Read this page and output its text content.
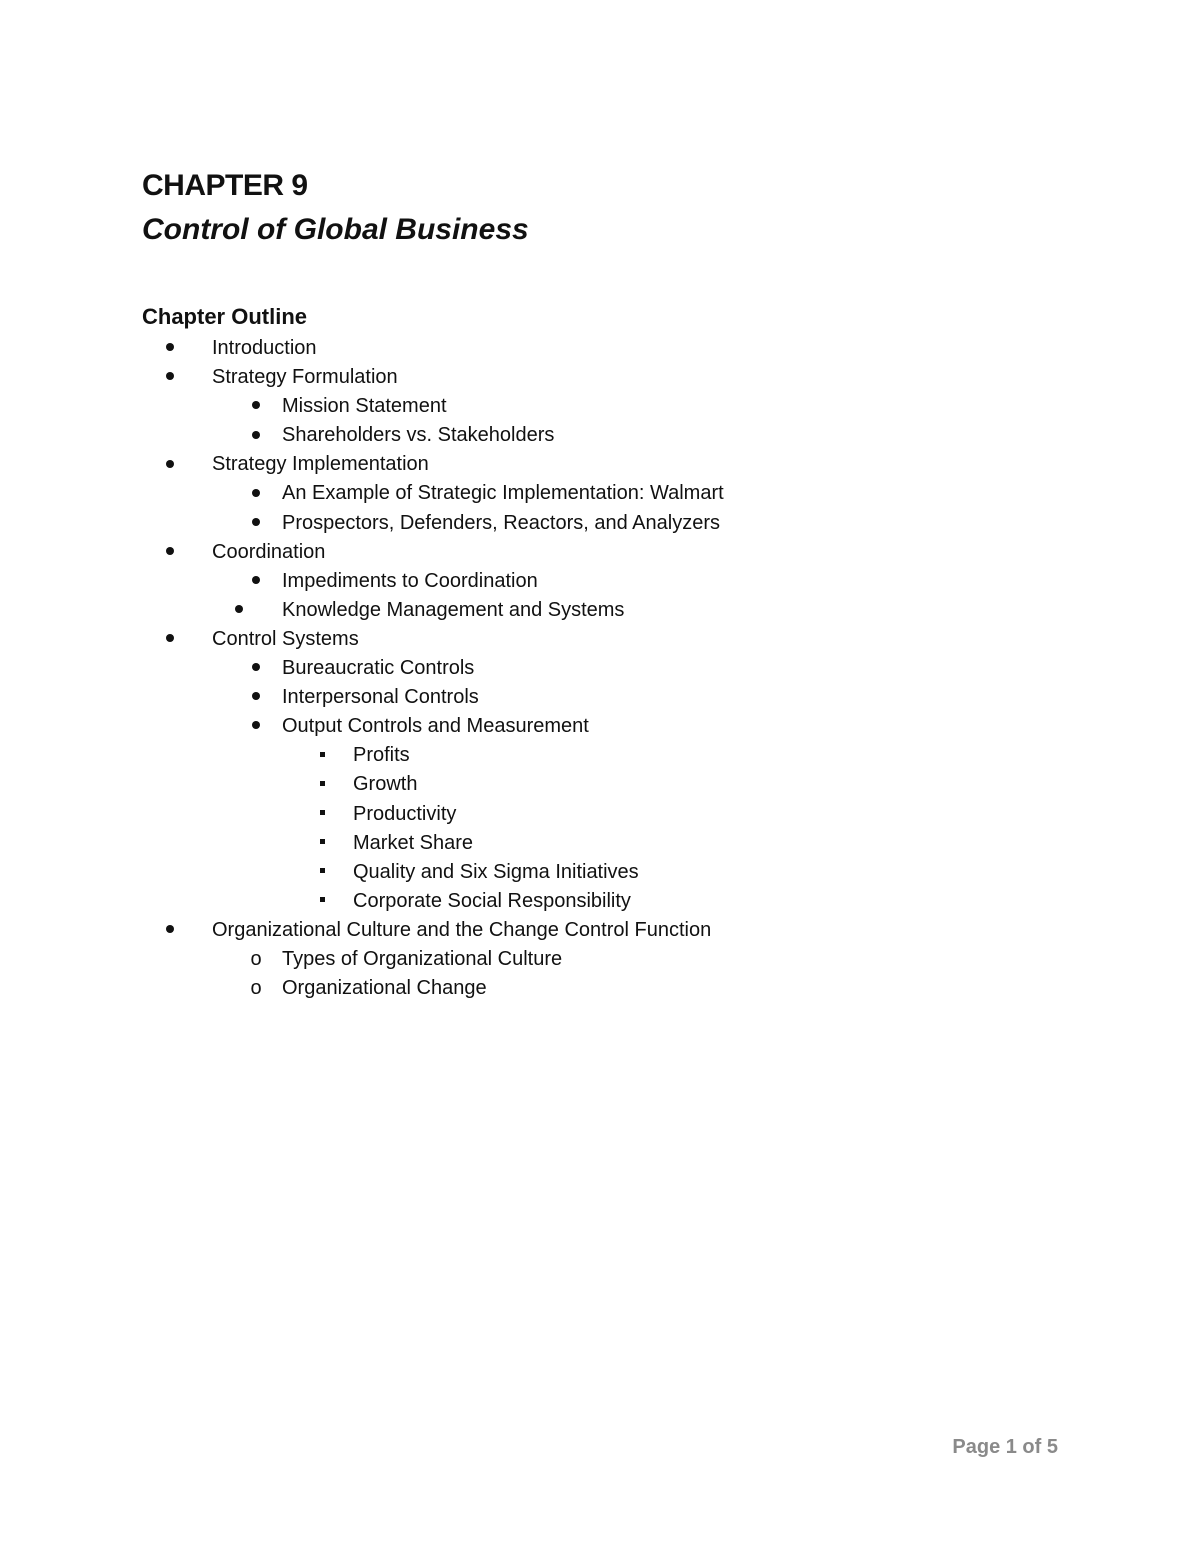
CHAPTER 9
Control of Global Business
Chapter Outline
Introduction
Strategy Formulation
Mission Statement
Shareholders vs. Stakeholders
Strategy Implementation
An Example of Strategic Implementation: Walmart
Prospectors, Defenders, Reactors, and Analyzers
Coordination
Impediments to Coordination
Knowledge Management and Systems
Control Systems
Bureaucratic Controls
Interpersonal Controls
Output Controls and Measurement
Profits
Growth
Productivity
Market Share
Quality and Six Sigma Initiatives
Corporate Social Responsibility
Organizational Culture and the Change Control Function
o Types of Organizational Culture
o Organizational Change
Page 1 of 5
